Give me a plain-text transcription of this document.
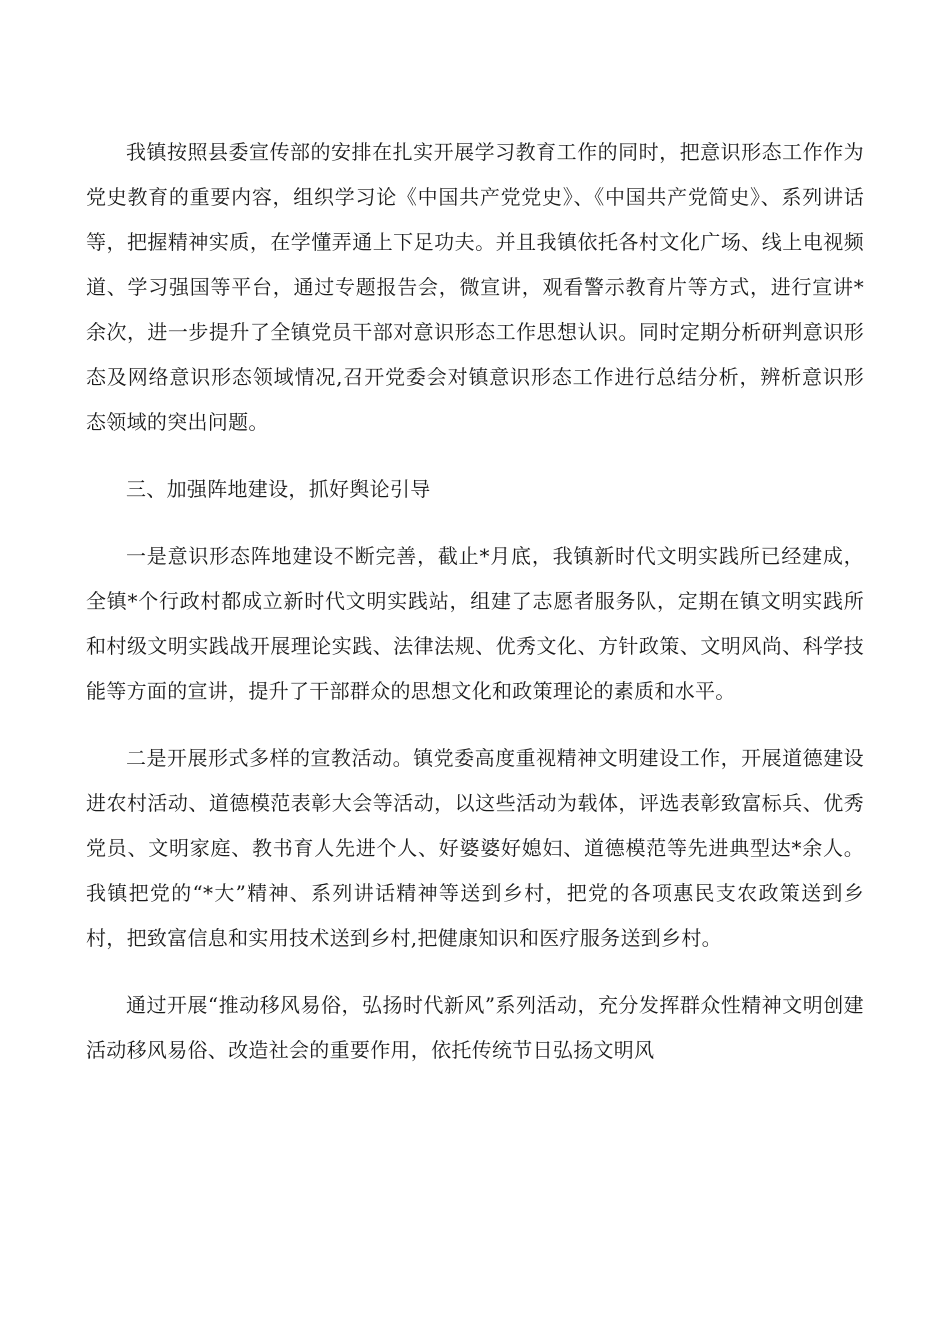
我镇按照县委宣传部的安排在扎实开展学习教育工作的同时，把意识形态工作作为党史教育的重要内容，组织学习论《中国共产党党史》、《中国共产党简史》、系列讲话等，把握精神实质，在学懂弄通上下足功夫。并且我镇依托各村文化广场、线上电视频道、学习强国等平台，通过专题报告会，微宣讲，观看警示教育片等方式，进行宣讲*余次，进一步提升了全镇党员干部对意识形态工作思想认识。同时定期分析研判意识形态及网络意识形态领域情况,召开党委会对镇意识形态工作进行总结分析，辨析意识形态领域的突出问题。

三、加强阵地建设，抓好舆论引导

一是意识形态阵地建设不断完善，截止*月底，我镇新时代文明实践所已经建成，全镇*个行政村都成立新时代文明实践站，组建了志愿者服务队，定期在镇文明实践所和村级文明实践战开展理论实践、法律法规、优秀文化、方针政策、文明风尚、科学技能等方面的宣讲，提升了干部群众的思想文化和政策理论的素质和水平。

二是开展形式多样的宣教活动。镇党委高度重视精神文明建设工作，开展道德建设进农村活动、道德模范表彰大会等活动，以这些活动为载体，评选表彰致富标兵、优秀党员、文明家庭、教书育人先进个人、好婆婆好媳妇、道德模范等先进典型达*余人。我镇把党的“*大”精神、系列讲话精神等送到乡村，把党的各项惠民支农政策送到乡村，把致富信息和实用技术送到乡村,把健康知识和医疗服务送到乡村。

通过开展“推动移风易俗，弘扬时代新风”系列活动，充分发挥群众性精神文明创建活动移风易俗、改造社会的重要作用，依托传统节日弘扬文明风
